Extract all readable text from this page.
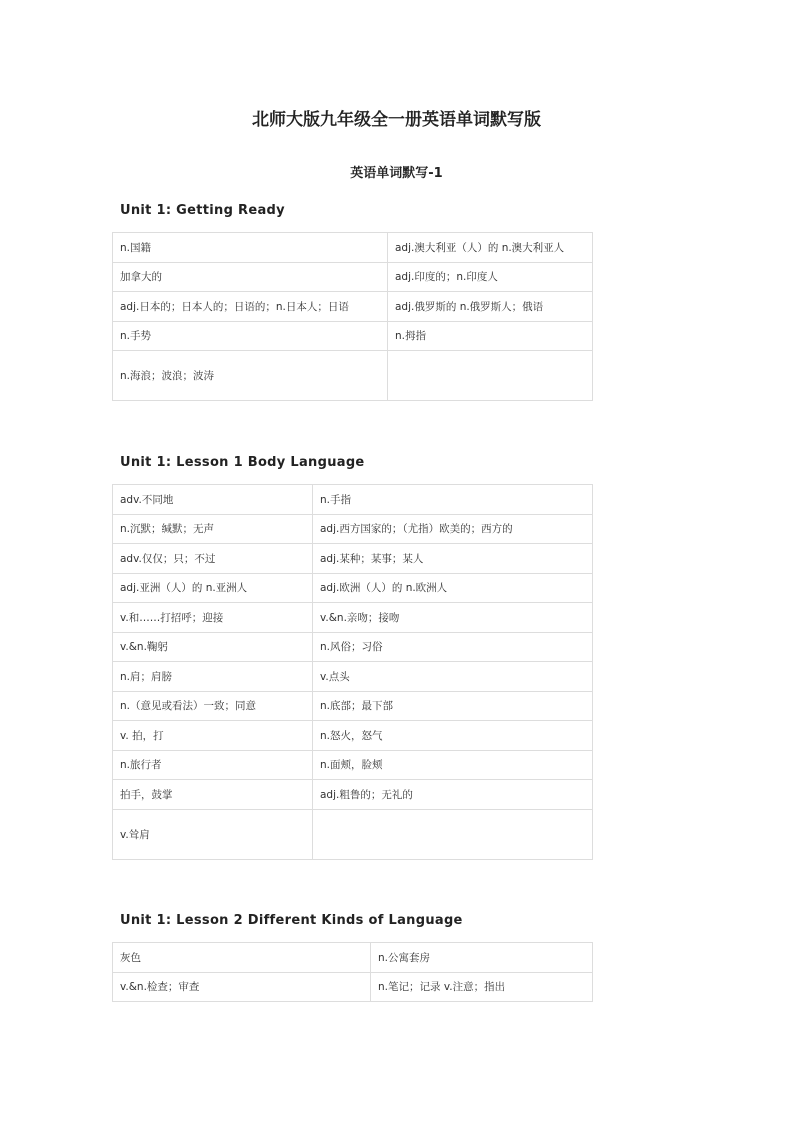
北师大版九年级全一册英语单词默写版
英语单词默写-1
Unit 1: Getting Ready
n.国籍	adj.澳大利亚（人）的 n.澳大利亚人
加拿大的	adj.印度的；n.印度人
adj.日本的；日本人的；日语的；n.日本人；日语	adj.俄罗斯的 n.俄罗斯人；俄语
n.手势	n.拇指
n.海浪；波浪；波涛	
Unit 1: Lesson 1 Body Language
adv.不同地	n.手指
n.沉默；缄默；无声	adj.西方国家的；（尤指）欧美的；西方的
adv.仅仅；只；不过	adj.某种；某事；某人
adj.亚洲（人）的 n.亚洲人	adj.欧洲（人）的 n.欧洲人
v.和……打招呼；迎接	v.&n.亲吻；接吻
v.&n.鞠躬	n.风俗；习俗
n.肩；肩膀	v.点头
n.（意见或看法）一致；同意	n.底部；最下部
v. 拍，打	n.怒火，怒气
n.旅行者	n.面颊，脸颊
拍手，鼓掌	adj.粗鲁的；无礼的
v.耸肩	
Unit 1: Lesson 2 Different Kinds of Language
灰色	n.公寓套房
v.&n.检查；审查	n.笔记；记录 v.注意；指出
